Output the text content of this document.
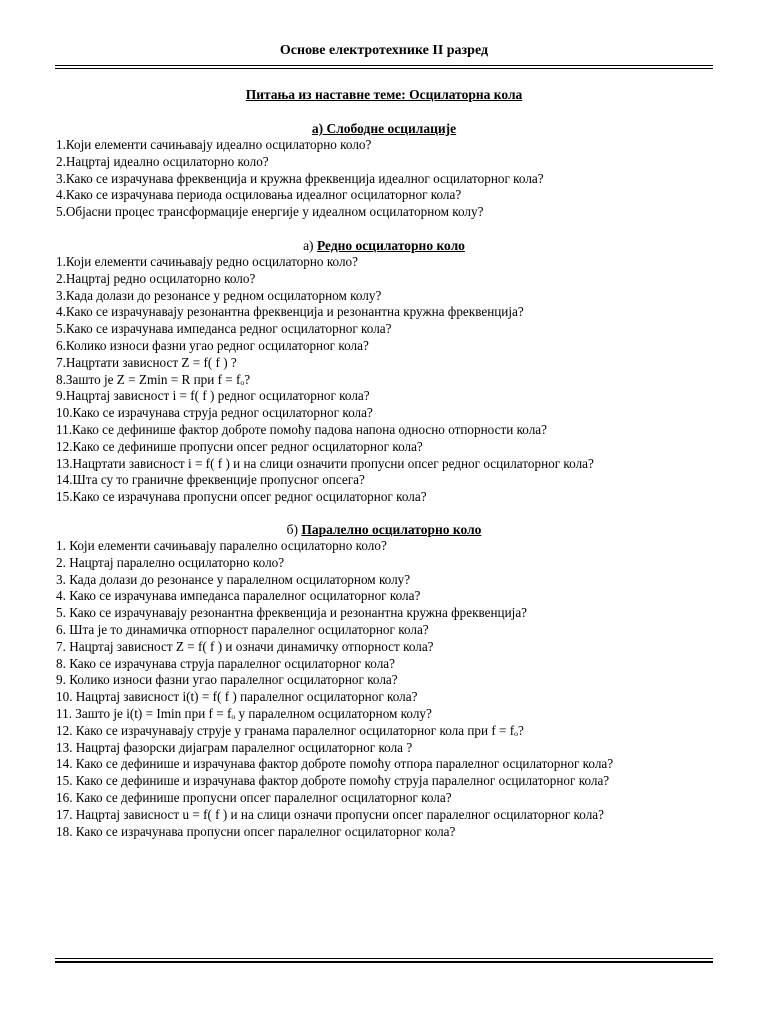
Основе електротехнике II разред
Питања из наставне теме: Осцилаторна кола
а) Слободне осцилације
1.Који елементи сачињавају идеално осцилаторно коло?
2.Нацртај идеално осцилаторно коло?
3.Како се израчунава фреквенција и кружна фреквенција идеалног осцилаторног кола?
4.Како се израчунава периода осциловања идеалног осцилаторног кола?
5.Објасни процес трансформације енергије у идеалном осцилаторном колу?
а) Редно осцилаторно коло
1.Који елементи сачињавају редно осцилаторно коло?
2.Нацртај редно осцилаторно коло?
3.Када долази до резонансе у редном осцилаторном колу?
4.Како се израчунавају резонантна фреквенција и резонантна кружна фреквенција?
5.Како се израчунава импеданса редног осцилаторног кола?
6.Колико износи фазни угао редног осцилаторног кола?
7.Нацртати зависност Z = f( f ) ?
8.Зашто је Z = Zmin = R при f = fₒ?
9.Нацртај зависност i = f( f ) редног осцилаторног кола?
10.Како се израчунава струја редног осцилаторног кола?
11.Како се дефинише фактор доброте помоћу падова напона односно отпорности кола?
12.Како се дефинише пропусни опсег редног осцилаторног кола?
13.Нацртати зависност i = f( f ) и на слици означити пропусни опсег редног осцилаторног кола?
14.Шта су то граничне фреквенције пропусног опсега?
15.Како се израчунава пропусни опсег редног осцилаторног кола?
б) Паралелно осцилаторно коло
1. Који елементи сачињавају паралелно осцилаторно коло?
2. Нацртај паралелно осцилаторно коло?
3. Када долази до резонансе у паралелном осцилаторном колу?
4. Како се израчунава импеданса паралелног осцилаторног кола?
5. Како се израчунавају резонантна фреквенција и резонантна кружна фреквенција?
6. Шта је то динамичка отпорност паралелног осцилаторног кола?
7. Нацртај зависност Z = f( f ) и означи динамичку отпорност кола?
8. Како се израчунава струја паралелног осцилаторног кола?
9. Колико износи фазни угао паралелног осцилаторног кола?
10. Нацртај зависност i(t) = f( f ) паралелног осцилаторног кола?
11. Зашто је i(t) = Imin при f = fₒ у паралелном осцилаторном колу?
12. Како се израчунавају струје у гранама паралелног осцилаторног кола при f = fₒ?
13. Нацртај фазорски дијаграм паралелног осцилаторног кола ?
14. Како се дефинише и израчунава фактор доброте помоћу отпора паралелног осцилаторног кола?
15. Како се дефинише и израчунава фактор доброте помоћу струја паралелног осцилаторног кола?
16. Како се дефинише пропусни опсег паралелног осцилаторног кола?
17. Нацртај зависност u = f( f ) и на слици означи пропусни опсег паралелног осцилаторног кола?
18. Како се израчунава пропусни опсег паралелног осцилаторног кола?
